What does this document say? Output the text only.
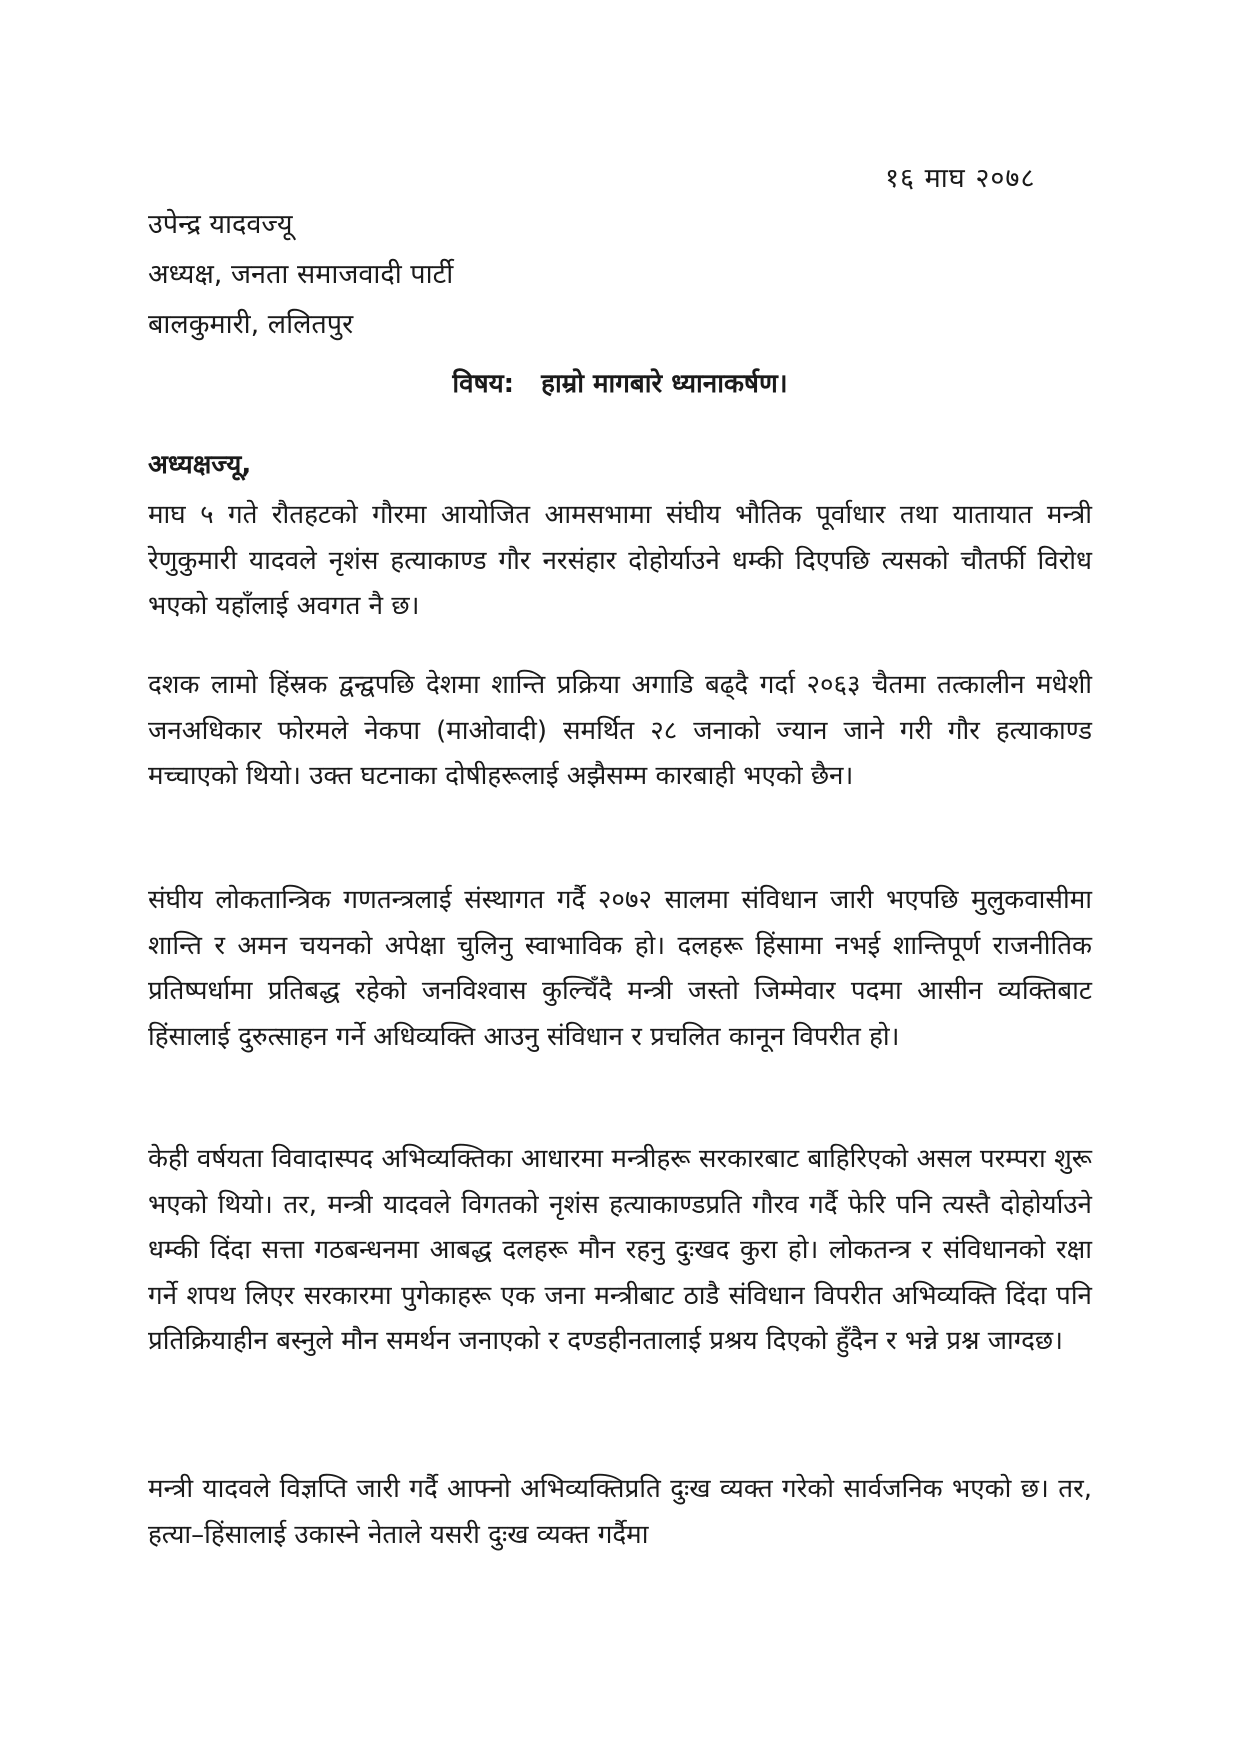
१६ माघ २०७८
उपेन्द्र यादवज्यू
अध्यक्ष, जनता समाजवादी पार्टी
बालकुमारी, ललितपुर
विषय: हाम्रो मागबारे ध्यानाकर्षण।
अध्यक्षज्यू,

माघ ५ गते रौतहटको गौरमा आयोजित आमसभामा संघीय भौतिक पूर्वाधार तथा यातायात मन्त्री रेणुकुमारी यादवले नृशंस हत्याकाण्ड गौर नरसंहार दोहोर्याउने धम्की दिएपछि त्यसको चौतर्फी विरोध भएको यहाँलाई अवगत नै छ।

दशक लामो हिंस्रक द्वन्द्वपछि देशमा शान्ति प्रक्रिया अगाडि बढ्दै गर्दा २०६३ चैतमा तत्कालीन मधेशी जनअधिकार फोरमले नेकपा (माओवादी) समर्थित २८ जनाको ज्यान जाने गरी गौर हत्याकाण्ड मच्चाएको थियो। उक्त घटनाका दोषीहरूलाई अझैसम्म कारबाही भएको छैन।

संघीय लोकतान्त्रिक गणतन्त्रलाई संस्थागत गर्दै २०७२ सालमा संविधान जारी भएपछि मुलुकवासीमा शान्ति र अमन चयनको अपेक्षा चुलिनु स्वाभाविक हो। दलहरू हिंसामा नभई शान्तिपूर्ण राजनीतिक प्रतिष्पर्धामा प्रतिबद्ध रहेको जनविश्वास कुल्चिँदै मन्त्री जस्तो जिम्मेवार पदमा आसीन व्यक्तिबाट हिंसालाई दुरुत्साहन गर्ने अधिव्यक्ति आउनु संविधान र प्रचलित कानून विपरीत हो।

केही वर्षयता विवादास्पद अभिव्यक्तिका आधारमा मन्त्रीहरू सरकारबाट बाहिरिएको असल परम्परा शुरू भएको थियो। तर, मन्त्री यादवले विगतको नृशंस हत्याकाण्डप्रति गौरव गर्दै फेरि पनि त्यस्तै दोहोर्याउने धम्की दिंदा सत्ता गठबन्धनमा आबद्ध दलहरू मौन रहनु दुःखद कुरा हो। लोकतन्त्र र संविधानको रक्षा गर्ने शपथ लिएर सरकारमा पुगेकाहरू एक जना मन्त्रीबाट ठाडै संविधान विपरीत अभिव्यक्ति दिंदा पनि प्रतिक्रियाहीन बस्नुले मौन समर्थन जनाएको र दण्डहीनतालाई प्रश्रय दिएको हुँदैन र भन्ने प्रश्न जाग्दछ।

मन्त्री यादवले विज्ञप्ति जारी गर्दै आफ्नो अभिव्यक्तिप्रति दुःख व्यक्त गरेको सार्वजनिक भएको छ। तर, हत्या–हिंसालाई उकास्ने नेताले यसरी दुःख व्यक्त गर्दैमा
